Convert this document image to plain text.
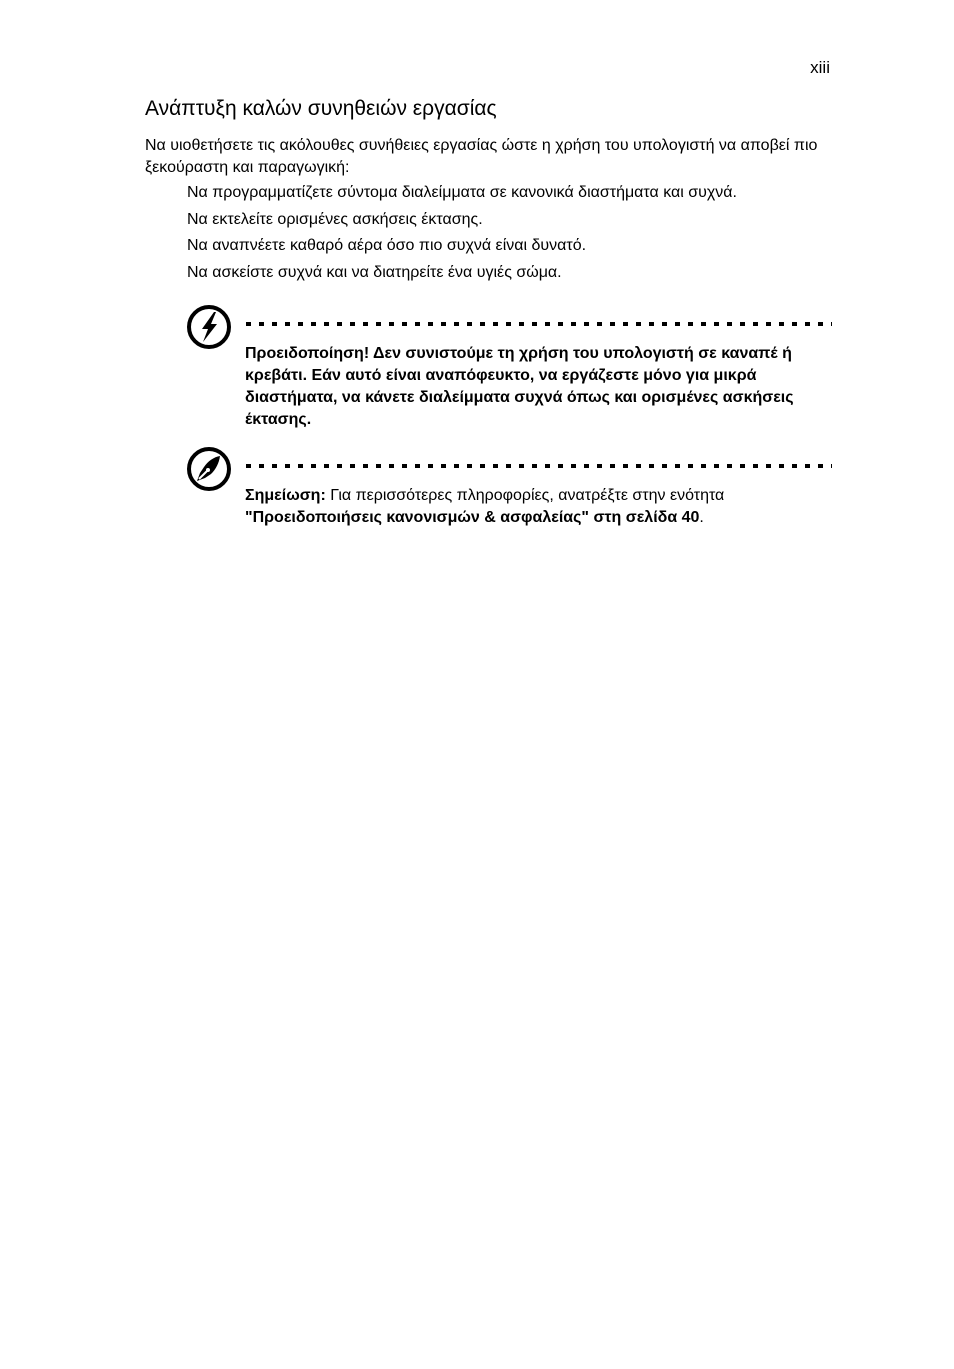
xiii
Ανάπτυξη καλών συνηθειών εργασίας

Να υιοθετήσετε τις ακόλουθες συνήθειες εργασίας ώστε η χρήση του υπολογιστή να αποβεί πιο ξεκούραστη και παραγωγική:

Να προγραμματίζετε σύντομα διαλείμματα σε κανονικά διαστήματα και συχνά.
Να εκτελείτε ορισμένες ασκήσεις έκτασης.
Να αναπνέετε καθαρό αέρα όσο πιο συχνά είναι δυνατό.
Να ασκείστε συχνά και να διατηρείτε ένα υγιές σώμα.

Προειδοποίηση! Δεν συνιστούμε τη χρήση του υπολογιστή σε καναπέ ή κρεβάτι. Εάν αυτό είναι αναπόφευκτο, να εργάζεστε μόνο για μικρά διαστήματα, να κάνετε διαλείμματα συχνά όπως και ορισμένες ασκήσεις έκτασης.

Σημείωση: Για περισσότερες πληροφορίες, ανατρέξτε στην ενότητα "Προειδοποιήσεις κανονισμών & ασφαλείας" στη σελίδα 40.
